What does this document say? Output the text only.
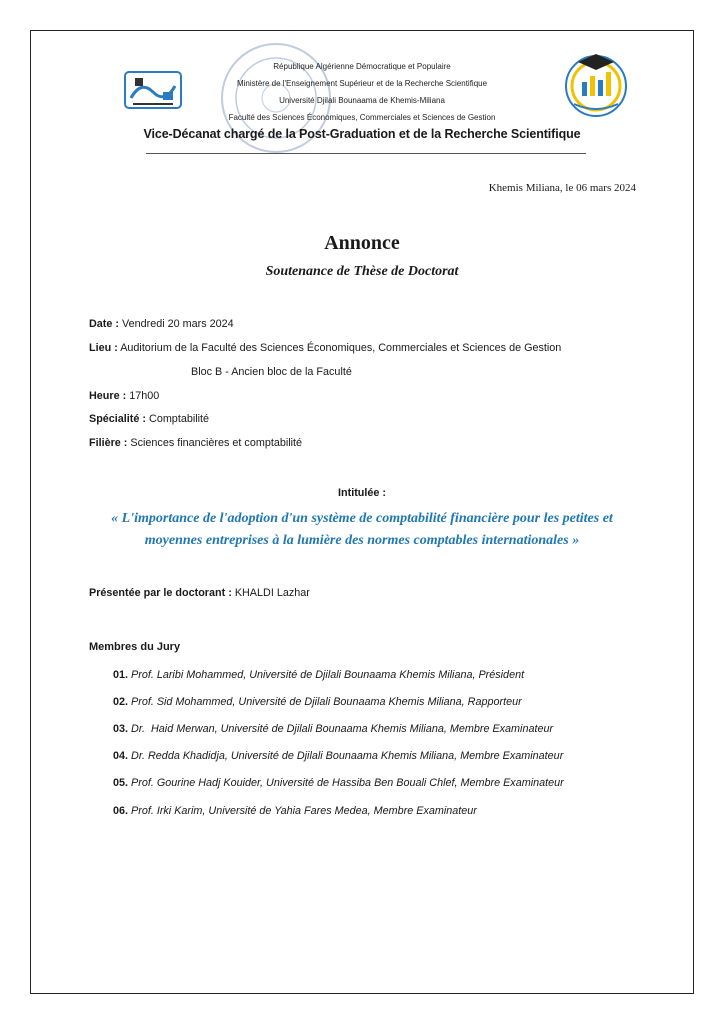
République Algérienne Démocratique et Populaire
Ministère de l'Enseignement Supérieur et de la Recherche Scientifique
Université Djilali Bounaama de Khemis-Miliana
Faculté des Sciences Économiques, Commerciales et Sciences de Gestion
Vice-Décanat chargé de la Post-Graduation et de la Recherche Scientifique
Khemis Miliana, le 06 mars 2024
Annonce
Soutenance de Thèse de Doctorat
Date : Vendredi 20 mars 2024
Lieu : Auditorium de la Faculté des Sciences Économiques, Commerciales et Sciences de Gestion
Bloc B - Ancien bloc de la Faculté
Heure : 17h00
Spécialité : Comptabilité
Filière : Sciences financières et comptabilité
Intitulée :
« L'importance de l'adoption d'un système de comptabilité financière pour les petites et
moyennes entreprises à la lumière des normes comptables internationales »
Présentée par le doctorant : KHALDI Lazhar
Membres du Jury
01. Prof. Laribi Mohammed, Université de Djilali Bounaama Khemis Miliana, Président
02. Prof. Sid Mohammed, Université de Djilali Bounaama Khemis Miliana, Rapporteur
03. Dr.  Haid Merwan, Université de Djilali Bounaama Khemis Miliana, Membre Examinateur
04. Dr. Redda Khadidja, Université de Djilali Bounaama Khemis Miliana, Membre Examinateur
05. Prof. Gourine Hadj Kouider, Université de Hassiba Ben Bouali Chlef, Membre Examinateur
06. Prof. Irki Karim, Université de Yahia Fares Medea, Membre Examinateur
